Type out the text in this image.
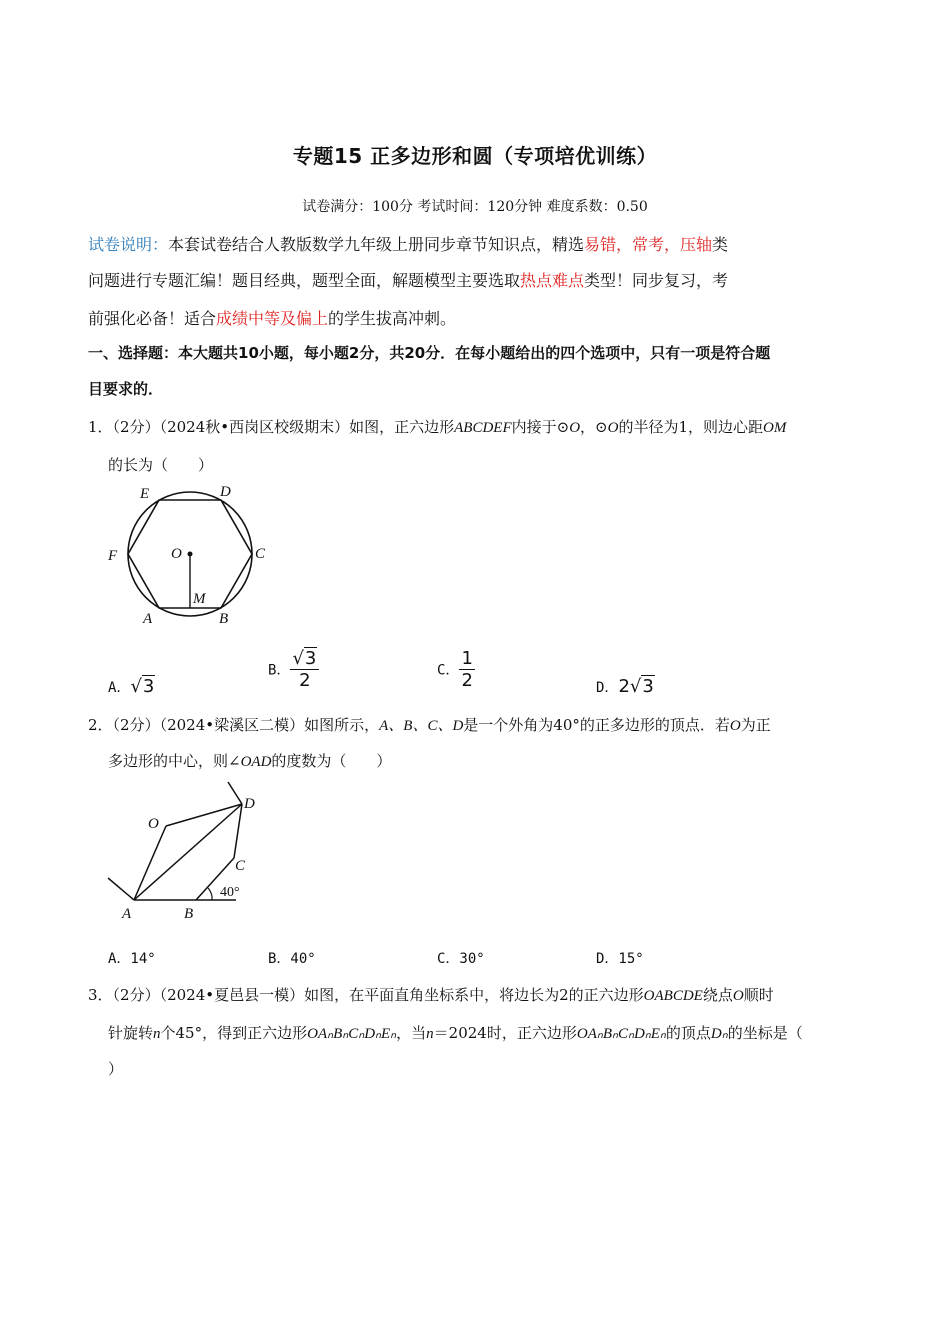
专题15 正多边形和圆（专项培优训练）
试卷满分：100分 考试时间：120分钟 难度系数：0.50
试卷说明：本套试卷结合人教版数学九年级上册同步章节知识点，精选易错，常考，压轴类
问题进行专题汇编！题目经典，题型全面，解题模型主要选取热点难点类型！同步复习，考
前强化必备！适合成绩中等及偏上的学生拔高冲刺。
一、选择题：本大题共10小题，每小题2分，共20分．在每小题给出的四个选项中，只有一项是符合题
目要求的．
1．（2分）（2024秋•西岗区校级期末）如图，正六边形ABCDEF内接于⊙O，⊙O的半径为1，则边心距OM
的长为（　　）
E	D
F	C
O
M
A	B
A．√3
B． $\frac{√3}{2}$	C． $\frac{1}{2}$	D．2√3
2．（2分）（2024•梁溪区二模）如图所示，A、B、C、D是一个外角为40°的正多边形的顶点．若O为正
多边形的中心，则∠OAD的度数为（　　）
O
D
C
A	B
40°
A．14°	B．40°	C．30°	D．15°
3．（2分）（2024•夏邑县一模）如图，在平面直角坐标系中，将边长为2的正六边形OABCDE绕点O顺时
针旋转n个45°，得到正六边形OAₙBₙCₙDₙEₙ，当n＝2024时，正六边形OAₙBₙCₙDₙEₙ的顶点Dₙ的坐标是（
）
